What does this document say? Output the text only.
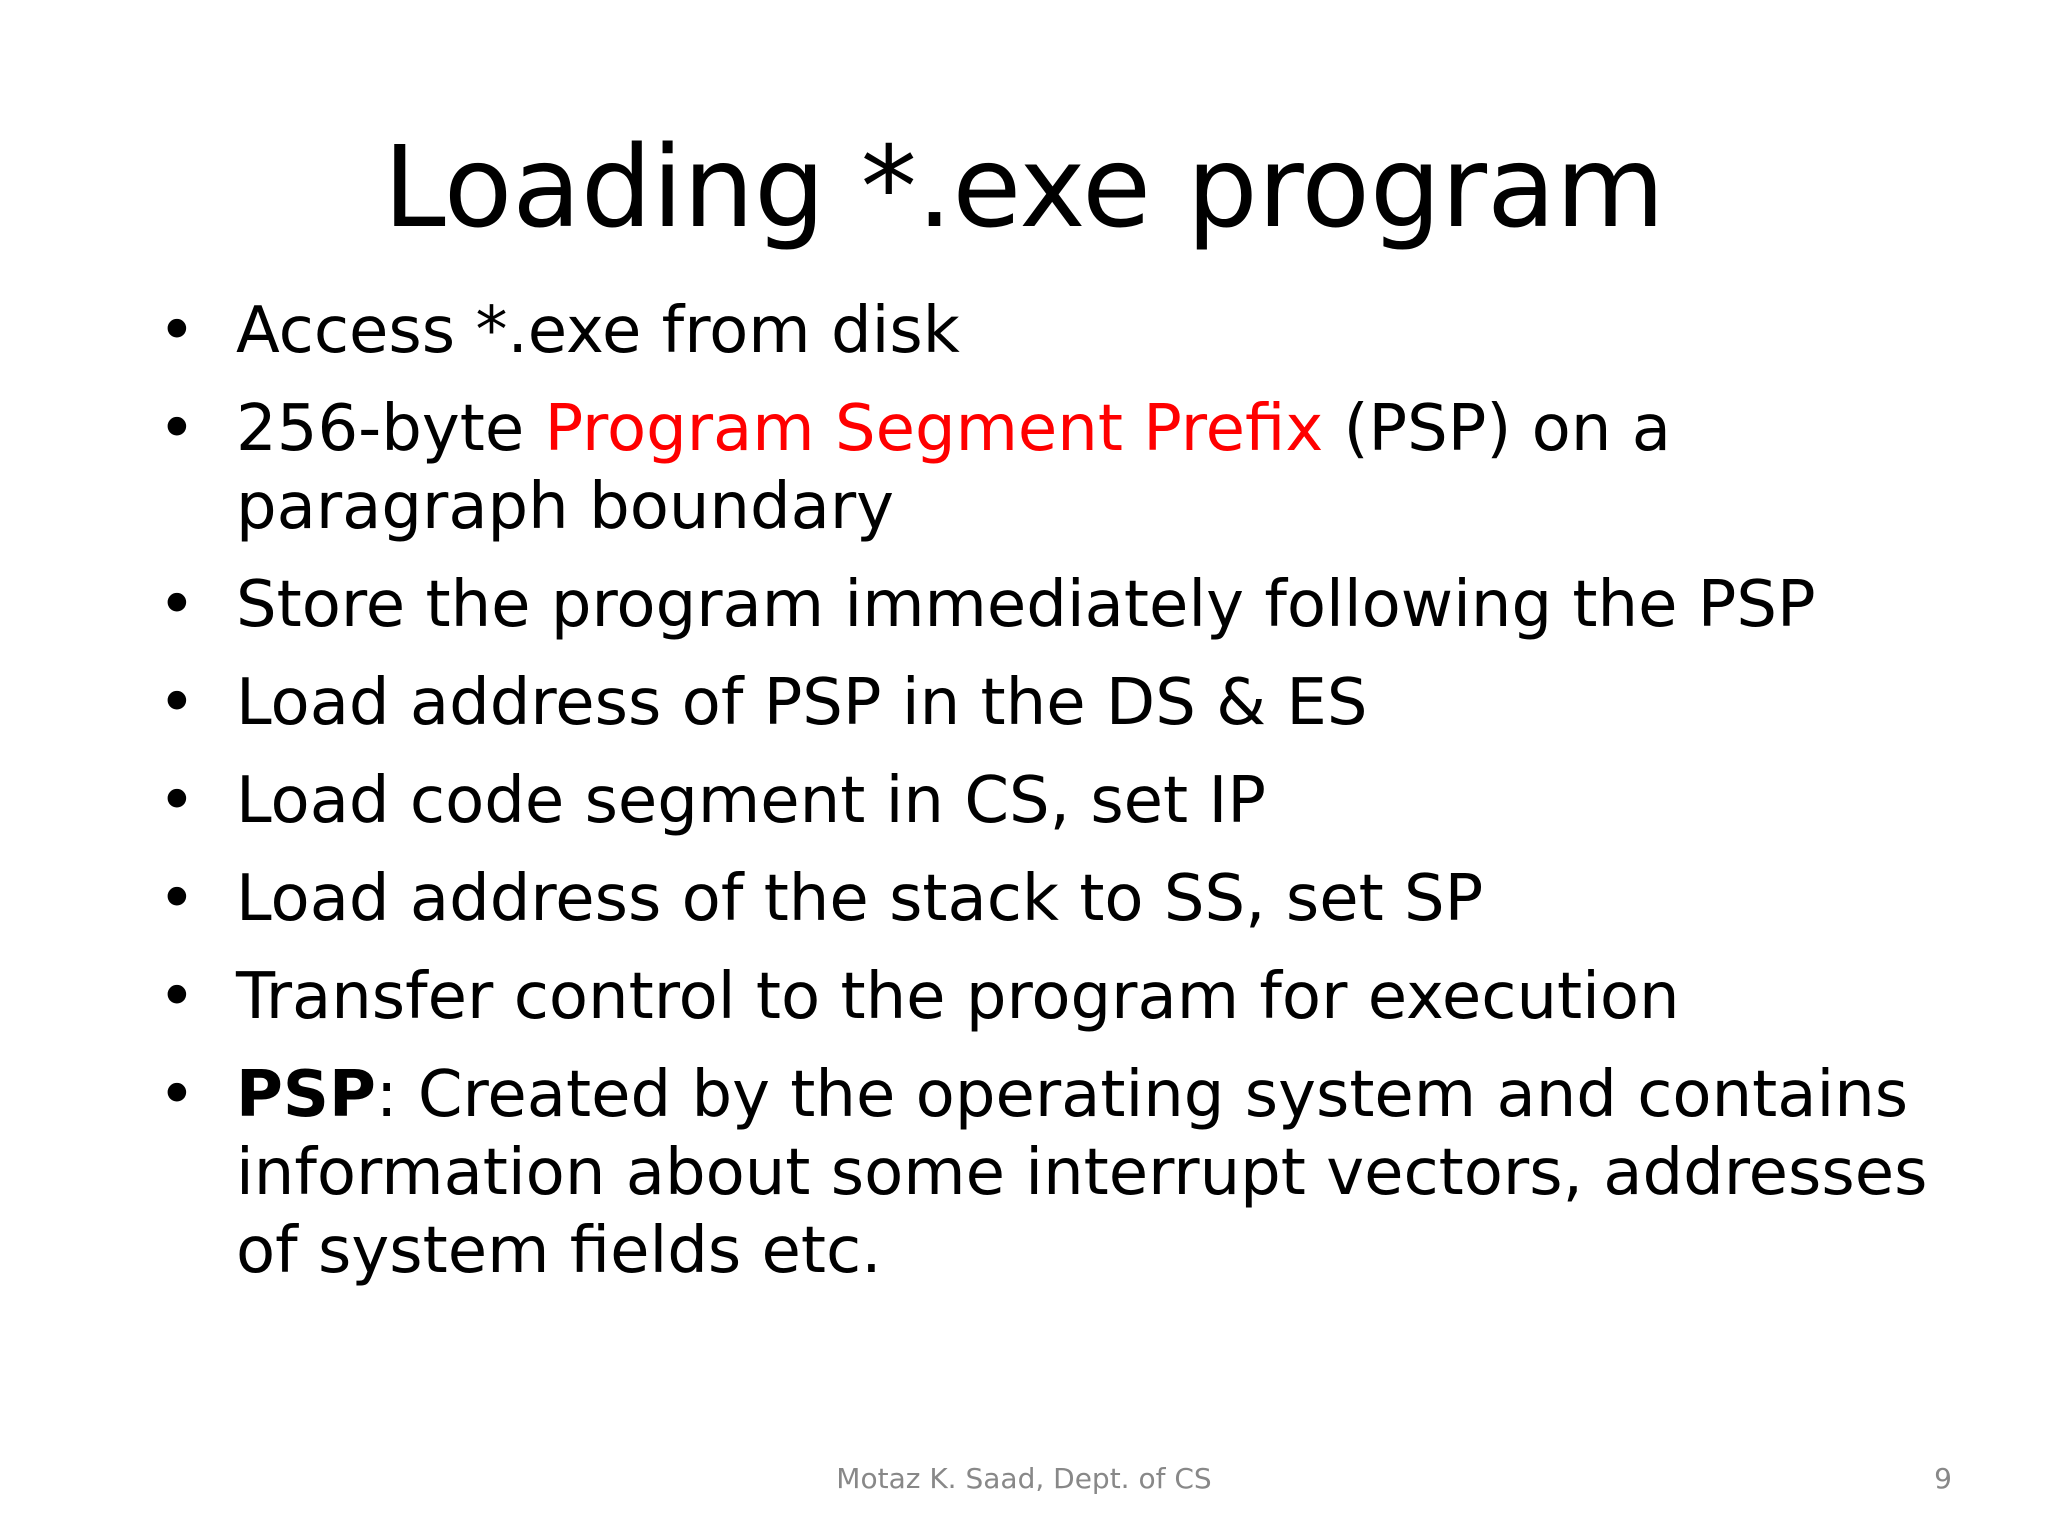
Loading *.exe program
• Access *.exe from disk
• 256-byte Program Segment Prefix (PSP) on a paragraph boundary
• Store the program immediately following the PSP
• Load address of PSP in the DS & ES
• Load code segment in CS, set IP
• Load address of the stack to SS, set SP
• Transfer control to the program for execution
• PSP: Created by the operating system and contains information about some interrupt vectors, addresses of system fields etc.
Motaz K. Saad, Dept. of CS	9
